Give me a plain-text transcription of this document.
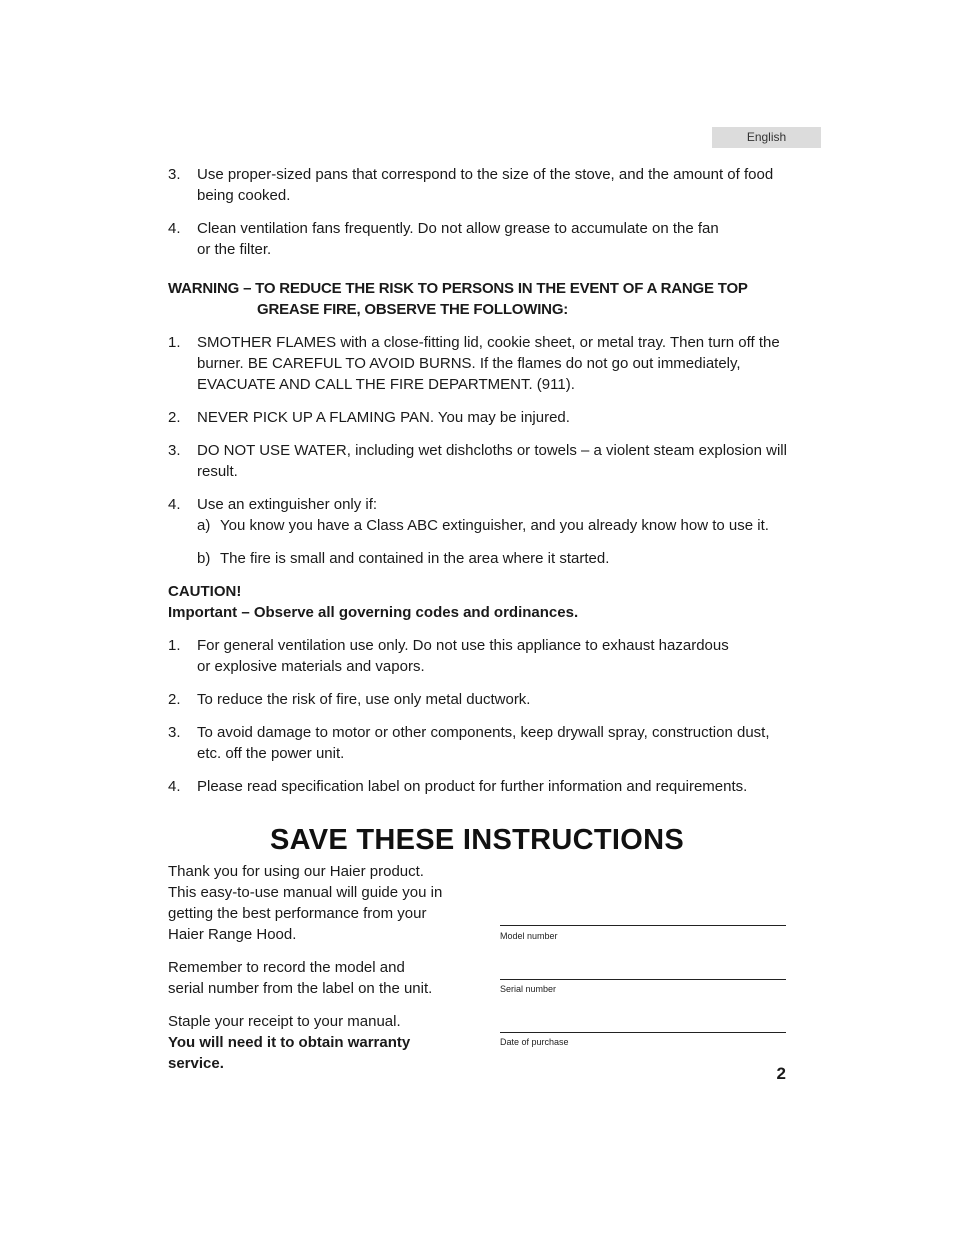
English
3.	Use proper-sized pans that correspond to the size of the stove, and the amount of food being cooked.
4.	Clean ventilation fans frequently. Do not allow grease to accumulate on the fan or the filter.
WARNING – TO REDUCE THE RISK TO PERSONS IN THE EVENT OF A RANGE TOP GREASE FIRE, OBSERVE THE FOLLOWING:
1.	SMOTHER FLAMES with a close-fitting lid, cookie sheet, or metal tray. Then turn off the burner. BE CAREFUL TO AVOID BURNS. If the flames do not go out immediately, EVACUATE AND CALL THE FIRE DEPARTMENT. (911).
2.	NEVER PICK UP A FLAMING PAN. You may be injured.
3.	DO NOT USE WATER, including wet dishcloths or towels – a violent steam explosion will result.
4.	Use an extinguisher only if:
a) You know you have a Class ABC extinguisher, and you already know how to use it.
b) The fire is small and contained in the area where it started.
CAUTION!
Important – Observe all governing codes and ordinances.
1.	For general ventilation use only. Do not use this appliance to exhaust hazardous or explosive materials and vapors.
2.	To reduce the risk of fire, use only metal ductwork.
3.	To avoid damage to motor or other components, keep drywall spray, construction dust, etc. off the power unit.
4.	Please read specification label on product for further information and requirements.
SAVE THESE INSTRUCTIONS

Thank you for using our Haier product. This easy-to-use manual will guide you in getting the best performance from your Haier Range Hood.

Remember to record the model and serial number from the label on the unit.

Staple your receipt to your manual.
You will need it to obtain warranty service.

Model number
Serial number
Date of purchase
2
